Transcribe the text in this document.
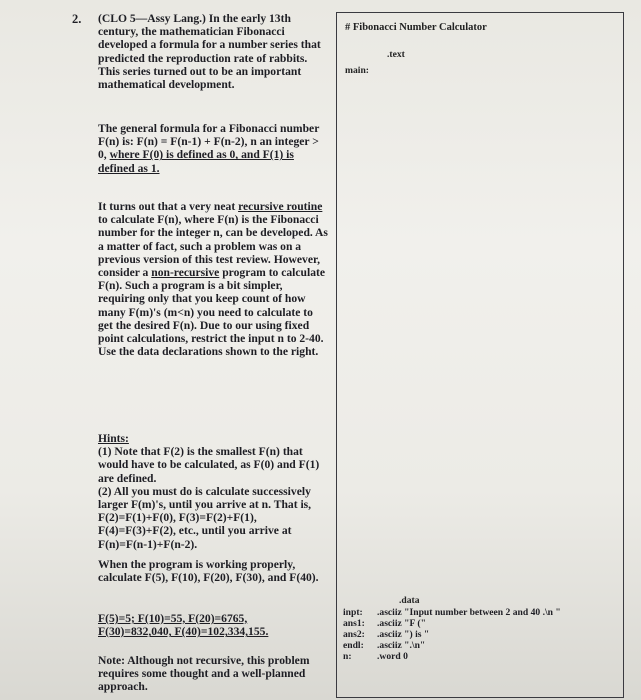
2. (CLO 5—Assy Lang.) In the early 13th century, the mathematician Fibonacci developed a formula for a number series that predicted the reproduction rate of rabbits. This series turned out to be an important mathematical development.

The general formula for a Fibonacci number F(n) is: F(n) = F(n-1) + F(n-2), n an integer > 0, where F(0) is defined as 0, and F(1) is defined as 1.

It turns out that a very neat recursive routine to calculate F(n), where F(n) is the Fibonacci number for the integer n, can be developed. As a matter of fact, such a problem was on a previous version of this test review. However, consider a non-recursive program to calculate F(n). Such a program is a bit simpler, requiring only that you keep count of how many F(m)'s (m<n) you need to calculate to get the desired F(n). Due to our using fixed point calculations, restrict the input n to 2-40. Use the data declarations shown to the right.

Hints:

(1) Note that F(2) is the smallest F(n) that would have to be calculated, as F(0) and F(1) are defined.

(2) All you must do is calculate successively larger F(m)'s, until you arrive at n. That is, F(2)=F(1)+F(0), F(3)=F(2)+F(1), F(4)=F(3)+F(2), etc., until you arrive at F(n)=F(n-1)+F(n-2).

When the program is working properly, calculate F(5), F(10), F(20), F(30), and F(40).

F(5)=5; F(10)=55, F(20)=6765,

F(30)=832,040, F(40)=102,334,155.

Note: Although not recursive, this problem requires some thought and a well-planned approach.

# Fibonacci Number Calculator
.text
main:
.data
inpt: .asciiz "Input number between 2 and 40 .\n "
ans1: .asciiz "F ("
ans2: .asciiz ") is "
endl: .asciiz ".\n"
n:	.word 0
